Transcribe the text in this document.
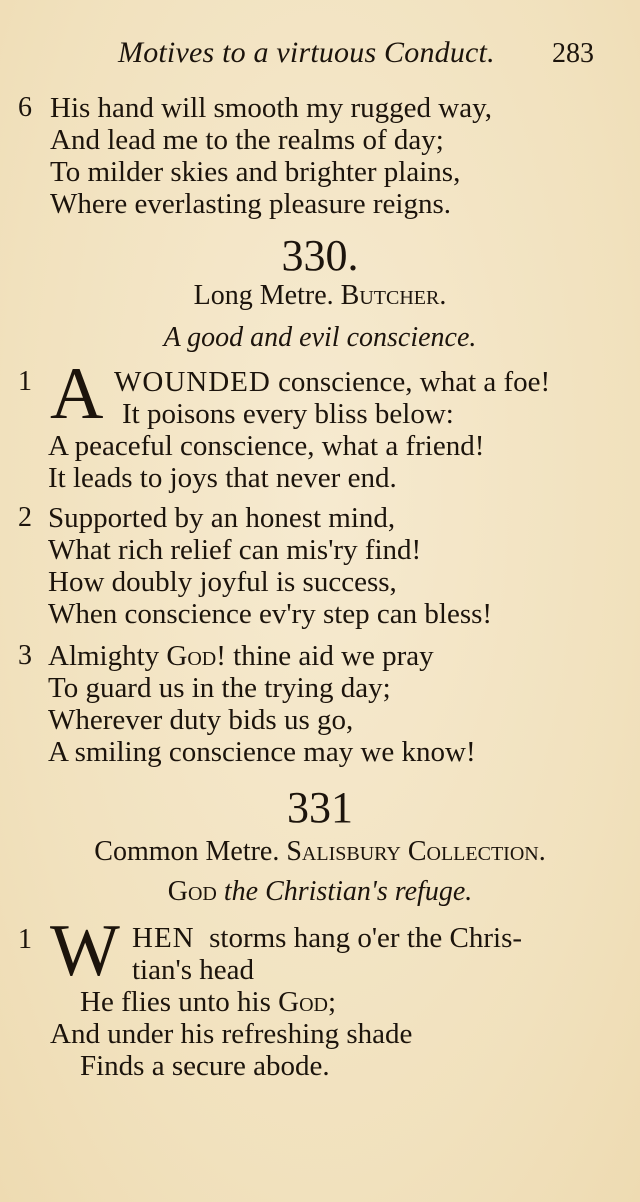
Motives to a virtuous Conduct. 283
6 His hand will smooth my rugged way,
And lead me to the realms of day;
To milder skies and brighter plains,
Where everlasting pleasure reigns.
330.
Long Metre. Butcher.
A good and evil conscience.
1 A WOUNDED conscience, what a foe!
It poisons every bliss below:
A peaceful conscience, what a friend!
It leads to joys that never end.
2 Supported by an honest mind,
What rich relief can mis'ry find!
How doubly joyful is success,
When conscience ev'ry step can bless!
3 Almighty God! thine aid we pray
To guard us in the trying day;
Wherever duty bids us go,
A smiling conscience may we know!
331
Common Metre. Salisbury Collection.
God the Christian's refuge.
1 W HEN storms hang o'er the Chris-
tian's head
He flies unto his God;
And under his refreshing shade
Finds a secure abode.
